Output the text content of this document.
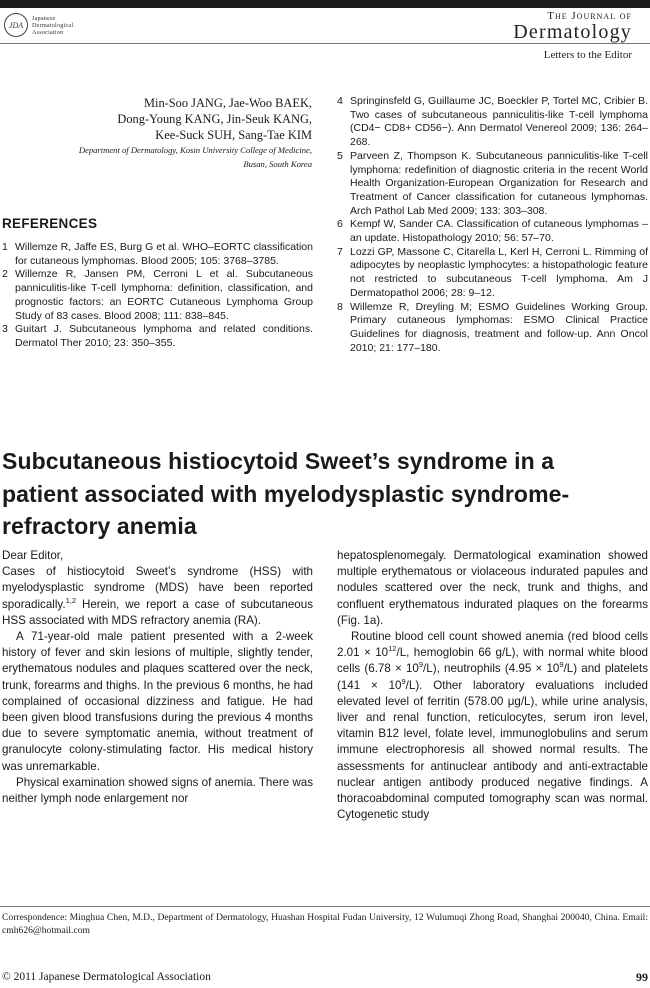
JDA
Japanese
Dermatological
Association
The Journal of
Dermatology
Letters to the Editor
Min-Soo JANG, Jae-Woo BAEK,
Dong-Young KANG, Jin-Seuk KANG,
Kee-Suck SUH, Sang-Tae KIM
Department of Dermatology, Kosin University College of Medicine,
Busan, South Korea
REFERENCES
1 Willemze R, Jaffe ES, Burg G et al. WHO–EORTC classification for cutaneous lymphomas. Blood 2005; 105: 3768–3785.
2 Willemze R, Jansen PM, Cerroni L et al. Subcutaneous panniculitis-like T-cell lymphoma: definition, classification, and prognostic factors: an EORTC Cutaneous Lymphoma Group Study of 83 cases. Blood 2008; 111: 838–845.
3 Guitart J. Subcutaneous lymphoma and related conditions. Dermatol Ther 2010; 23: 350–355.
4 Springinsfeld G, Guillaume JC, Boeckler P, Tortel MC, Cribier B. Two cases of subcutaneous panniculitis-like T-cell lymphoma (CD4− CD8+ CD56−). Ann Dermatol Venereol 2009; 136: 264–268.
5 Parveen Z, Thompson K. Subcutaneous panniculitis-like T-cell lymphoma: redefinition of diagnostic criteria in the recent World Health Organization-European Organization for Research and Treatment of Cancer classification for cutaneous lymphomas. Arch Pathol Lab Med 2009; 133: 303–308.
6 Kempf W, Sander CA. Classification of cutaneous lymphomas – an update. Histopathology 2010; 56: 57–70.
7 Lozzi GP, Massone C, Citarella L, Kerl H, Cerroni L. Rimming of adipocytes by neoplastic lymphocytes: a histopathologic feature not restricted to subcutaneous T-cell lymphoma. Am J Dermatopathol 2006; 28: 9–12.
8 Willemze R, Dreyling M; ESMO Guidelines Working Group. Primary cutaneous lymphomas: ESMO Clinical Practice Guidelines for diagnosis, treatment and follow-up. Ann Oncol 2010; 21: 177–180.
Subcutaneous histiocytoid Sweet’s syndrome in a patient associated with myelodysplastic syndrome-refractory anemia

Dear Editor,

Cases of histiocytoid Sweet’s syndrome (HSS) with myelodysplastic syndrome (MDS) have been reported sporadically.$^{1,2}$ Herein, we report a case of subcutaneous HSS associated with MDS refractory anemia (RA).

A 71-year-old male patient presented with a 2-week history of fever and skin lesions of multiple, slightly tender, erythematous nodules and plaques scattered over the neck, trunk, forearms and thighs. In the previous 6 months, he had complained of occasional dizziness and fatigue. He had been given blood transfusions during the previous 4 months due to severe symptomatic anemia, without treatment of granulocyte colony-stimulating factor. His medical history was unremarkable.

Physical examination showed signs of anemia. There was neither lymph node enlargement nor

hepatosplenomegaly. Dermatological examination showed multiple erythematous or violaceous indurated papules and nodules scattered over the neck, trunk and thighs, and confluent erythematous indurated plaques on the forearms (Fig. 1a).

Routine blood cell count showed anemia (red blood cells $2.01 \times 10^{12}/L$, hemoglobin 66 g/L), with normal white blood cells $(6.78 \times 10^9/L)$, neutrophils $(4.95 \times 10^9/L)$ and platelets $(141 \times 10^9/L)$. Other laboratory evaluations included elevated level of ferritin (578.00 μg/L), while urine analysis, liver and renal function, reticulocytes, serum iron level, vitamin B12 level, folate level, immunoglobulins and serum immune electrophoresis all showed normal results. The assessments for antinuclear antibody and anti-extractable nuclear antigen antibody produced negative findings. A thoracoabdominal computed tomography scan was normal. Cytogenetic study

Correspondence: Minghua Chen, M.D., Department of Dermatology, Huashan Hospital Fudan University, 12 Wulumuqi Zhong Road, Shanghai 200040, China. Email: cmh626@hotmail.com
© 2011 Japanese Dermatological Association	99
